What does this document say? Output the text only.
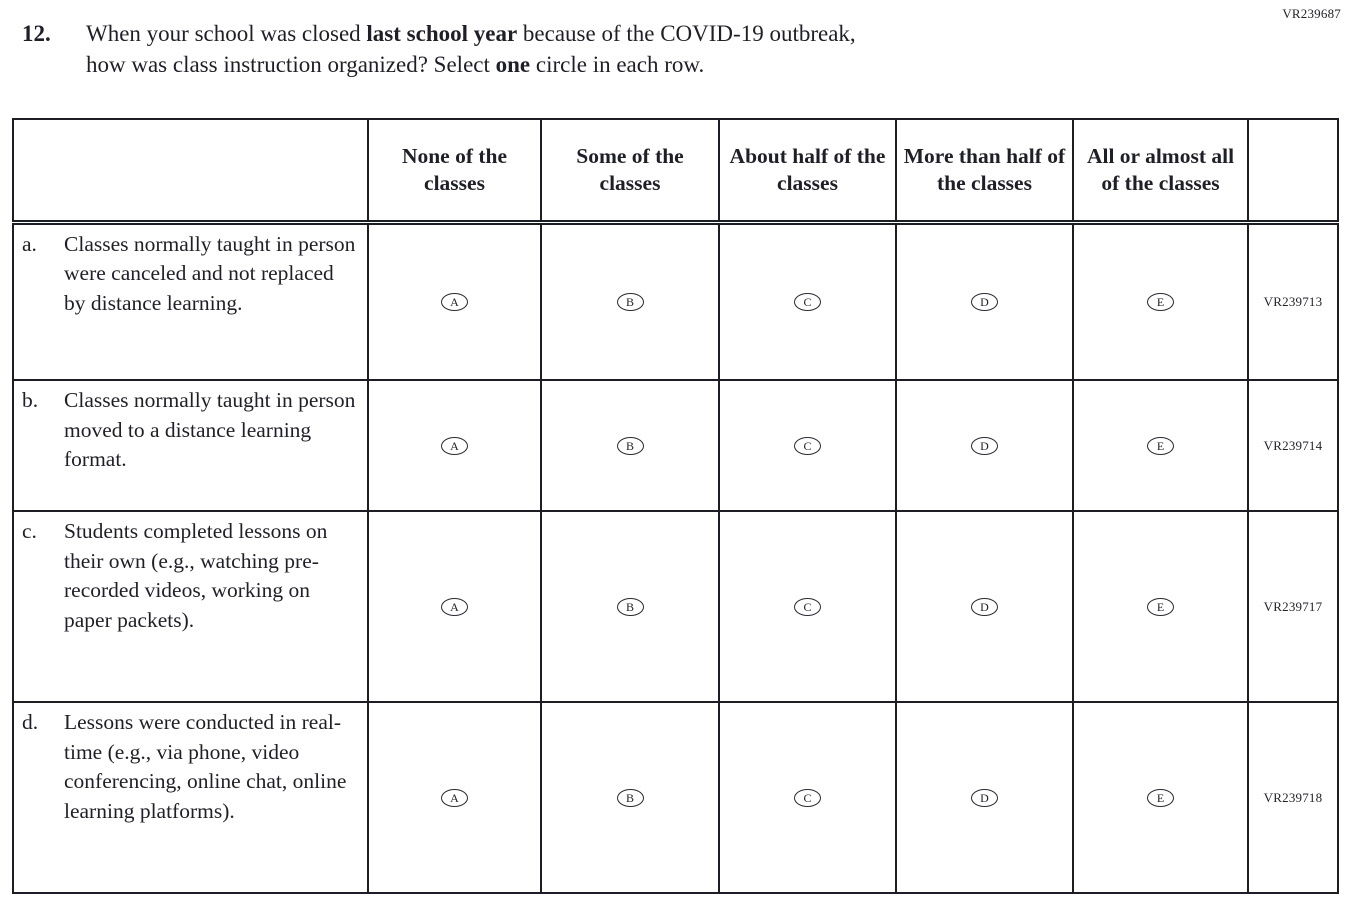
VR239687
12.	When your school was closed last school year because of the COVID-19 outbreak,
how was class instruction organized? Select one circle in each row.
	None of the classes	Some of the classes	About half of the classes	More than half of the classes	All or almost all of the classes	

a. Classes normally taught in person were canceled and not replaced by distance learning.	A	B	C	D	E	VR239713

b. Classes normally taught in person moved to a distance learning format.	A	B	C	D	E	VR239714

c. Students completed lessons on their own (e.g., watching pre-recorded videos, working on paper packets).	A	B	C	D	E	VR239717

d. Lessons were conducted in real-time (e.g., via phone, video conferencing, online chat, online learning platforms).	A	B	C	D	E	VR239718
